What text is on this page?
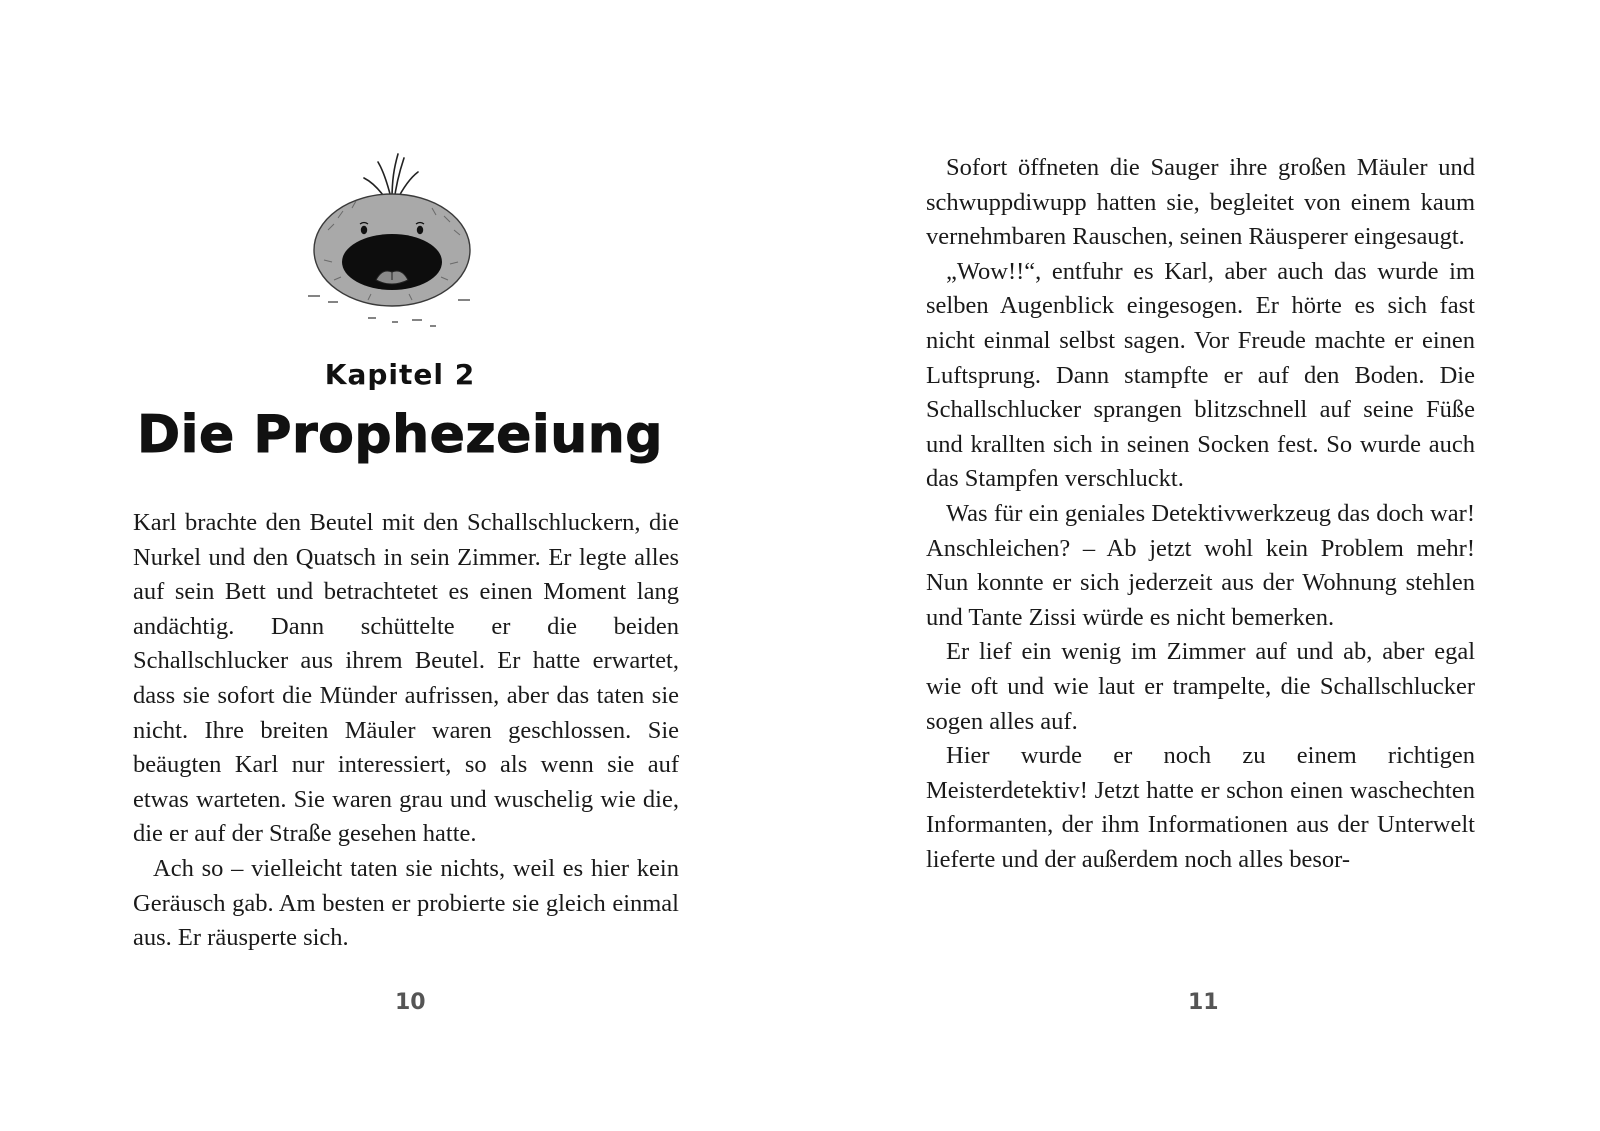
Kapitel 2
Die Prophezeiung

Karl brachte den Beutel mit den Schallschluckern, die Nurkel und den Quatsch in sein Zimmer. Er legte alles auf sein Bett und betrachtetet es einen Moment lang andächtig. Dann schüttelte er die beiden Schallschlucker aus ihrem Beutel. Er hatte erwartet, dass sie sofort die Münder aufrissen, aber das taten sie nicht. Ihre breiten Mäuler waren geschlossen. Sie beäugten Karl nur interessiert, so als wenn sie auf etwas warteten. Sie waren grau und wuschelig wie die, die er auf der Straße gesehen hatte.

Ach so – vielleicht taten sie nichts, weil es hier kein Geräusch gab. Am besten er probierte sie gleich einmal aus. Er räusperte sich.

10

Sofort öffneten die Sauger ihre großen Mäuler und schwuppdiwupp hatten sie, begleitet von einem kaum vernehmbaren Rauschen, seinen Räusperer eingesaugt.

„Wow!!“, entfuhr es Karl, aber auch das wurde im selben Augenblick eingesogen. Er hörte es sich fast nicht einmal selbst sagen. Vor Freude machte er einen Luftsprung. Dann stampfte er auf den Boden. Die Schallschlucker sprangen blitzschnell auf seine Füße und krallten sich in seinen Socken fest. So wurde auch das Stampfen verschluckt.

Was für ein geniales Detektivwerkzeug das doch war! Anschleichen? – Ab jetzt wohl kein Problem mehr! Nun konnte er sich jederzeit aus der Wohnung stehlen und Tante Zissi würde es nicht bemerken.

Er lief ein wenig im Zimmer auf und ab, aber egal wie oft und wie laut er trampelte, die Schallschlucker sogen alles auf.

Hier wurde er noch zu einem richtigen Meisterdetektiv! Jetzt hatte er schon einen waschechten Informanten, der ihm Informationen aus der Unterwelt lieferte und der außerdem noch alles besor-

11
